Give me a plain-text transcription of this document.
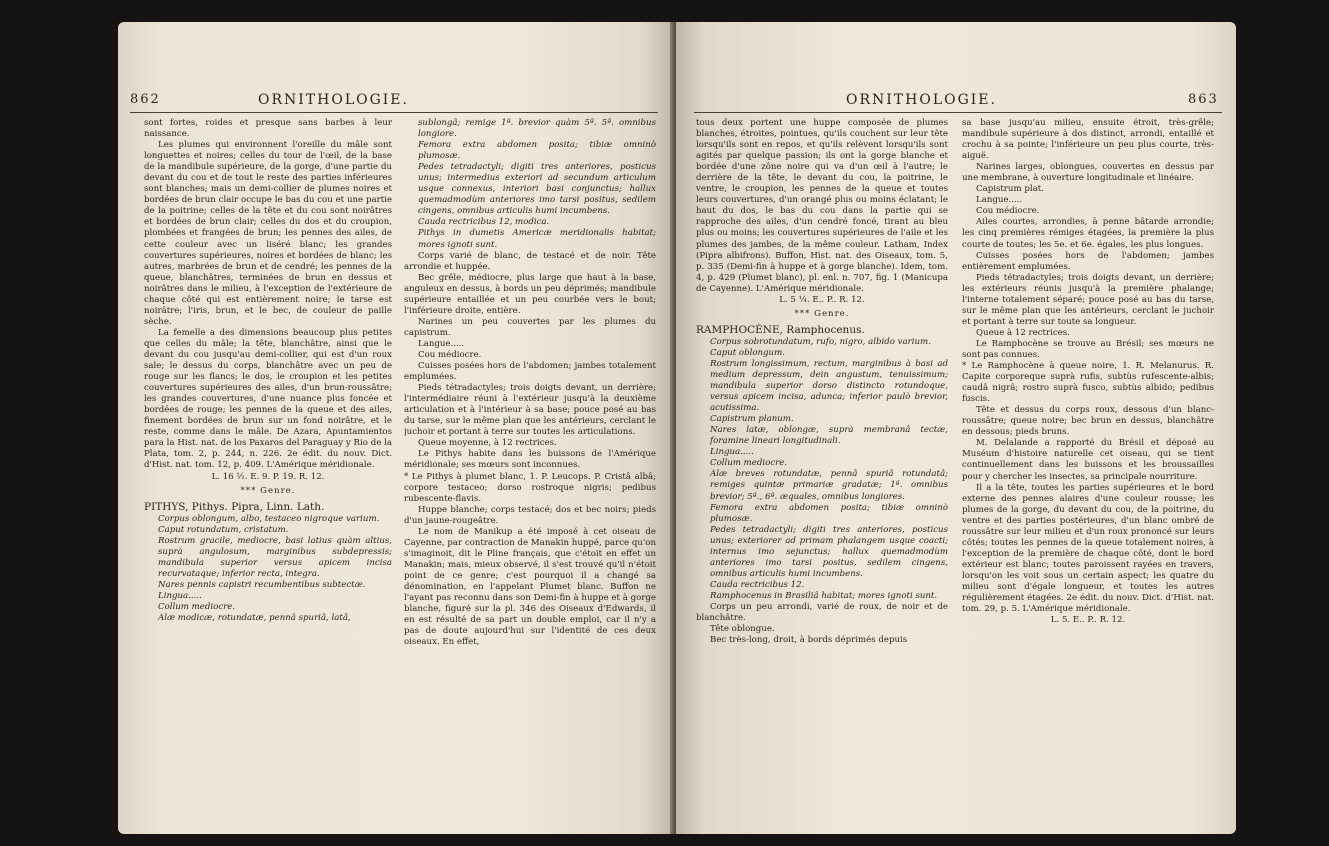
862	ORNITHOLOGIE.

sont fortes, roides et presque sans barbes à leur naissance.

Les plumes qui environnent l'oreille du mâle sont longuettes et noires; celles du tour de l'œil, de la base de la mandibule supérieure, de la gorge, d'une partie du devant du cou et de tout le reste des parties inférieures sont blanches; mais un demi-collier de plumes noires et bordées de brun clair occupe le bas du cou et une partie de la poitrine; celles de la tête et du cou sont noirâtres et bordées de brun clair; celles du dos et du croupion, plombées et frangées de brun; les pennes des ailes, de cette couleur avec un liséré blanc; les grandes couvertures supérieures, noires et bordées de blanc; les autres, marbrées de brun et de cendré; les pennes de la queue, blanchâtres, terminées de brun en dessus et noirâtres dans le milieu, à l'exception de l'extérieure de chaque côté qui est entièrement noire; le tarse est noirâtre; l'iris, brun, et le bec, de couleur de paille sèche.

La femelle a des dimensions beaucoup plus petites que celles du mâle; la tête, blanchâtre, ainsi que le devant du cou jusqu'au demi-collier, qui est d'un roux sale; le dessus du corps, blanchâtre avec un peu de rouge sur les flancs; le dos, le croupion et les petites couvertures supérieures des ailes, d'un brun-roussâtre; les grandes couvertures, d'une nuance plus foncée et bordées de rouge; les pennes de la queue et des ailes, finement bordées de brun sur un fond noirâtre, et le reste, comme dans le mâle. De Azara, Apuntamientos para la Hist. nat. de los Paxaros del Paraguay y Rio de la Plata, tom. 2, p. 244, n. 226. 2e édit. du nouv. Dict. d'Hist. nat. tom. 12, p. 409. L'Amérique méridionale.

L. 16 ½. E. 9. P. 19. R. 12.

*** Genre.

PITHYS, Pithys. Pipra, Linn. Lath.

Corpus oblongum, albo, testaceo nigroque varium.

Caput rotundatum, cristatum.

Rostrum gracile, mediocre, basi latius quàm altius, suprà angulosum, marginibus subdepressis; mandibula superior versus apicem incisa recurvataque; inferior recta, integra.

Nares pennis capistri recumbentibus subtectæ.

Lingua.....

Collum mediocre.

Alæ modicæ, rotundatæ, pennâ spuriâ, latâ,

sublongâ; remige 1ª. brevior quàm 5ª. 5ª. omnibus longiore.

Femora extra abdomen posita; tibiæ omninò plumosæ.

Pedes tetradactyli; digiti tres anteriores, posticus unus; intermedius exteriori ad secundum articulum usque connexus, interiori basi conjunctus; hallux quemadmodùm anteriores imo tarsi positus, sedilem cingens, omnibus articulis humi incumbens.

Cauda rectricibus 12, modica.

Pithys in dumetis Americæ meridionalis habitat; mores ignoti sunt.

Corps varié de blanc, de testacé et de noir. Tête arrondie et huppée.

Bec grêle, médiocre, plus large que haut à la base, anguleux en dessus, à bords un peu déprimés; mandibule supérieure entaillée et un peu courbée vers le bout; l'inférieure droite, entière.

Narines un peu couvertes par les plumes du capistrum.

Langue.....

Cou médiocre.

Cuisses posées hors de l'abdomen; jambes totalement emplumées.

Pieds tétradactyles; trois doigts devant, un derrière; l'intermédiaire réuni à l'extérieur jusqu'à la deuxième articulation et à l'intérieur à sa base; pouce posé au bas du tarse, sur le même plan que les antérieurs, cerclant le juchoir et portant à terre sur toutes les articulations.

Queue moyenne, à 12 rectrices.

Le Pithys habite dans les buissons de l'Amérique méridionale; ses mœurs sont inconnues.

* Le Pithys à plumet blanc, 1. P. Leucops. P. Cristâ albâ; corpore testaceo; dorso rostroque nigris; pedibus rubescente-flavis.

Huppe blanche; corps testacé; dos et bec noirs; pieds d'un jaune-rougeâtre.

Le nom de Manikup a été imposé à cet oiseau de Cayenne, par contraction de Manakin huppé, parce qu'on s'imaginoit, dit le Pline français, que c'étoit en effet un Manakin; mais, mieux observé, il s'est trouvé qu'il n'étoit point de ce genre; c'est pourquoi il a changé sa dénomination, en l'appelant Plumet blanc. Buffon ne l'ayant pas reconnu dans son Demi-fin à huppe et à gorge blanche, figuré sur la pl. 346 des Oiseaux d'Edwards, il en est résulté de sa part un double emploi, car il n'y a pas de doute aujourd'hui sur l'identité de ces deux oiseaux. En effet,

ORNITHOLOGIE.	863

tous deux portent une huppe composée de plumes blanches, étroites, pointues, qu'ils couchent sur leur tête lorsqu'ils sont en repos, et qu'ils relèvent lorsqu'ils sont agités par quelque passion; ils ont la gorge blanche et bordée d'une zône noire qui va d'un œil à l'autre; le derrière de la tête, le devant du cou, la poitrine, le ventre, le croupion, les pennes de la queue et toutes leurs couvertures, d'un orangé plus ou moins éclatant; le haut du dos, le bas du cou dans la partie qui se rapproche des ailes, d'un cendré foncé, tirant au bleu plus ou moins; les couvertures supérieures de l'aile et les plumes des jambes, de la même couleur. Latham, Index (Pipra albifrons). Buffon, Hist. nat. des Oiseaux, tom. 5, p. 335 (Demi-fin à huppe et à gorge blanche). Idem, tom. 4, p. 429 (Plumet blanc), pl. enl. n. 707, fig. 1 (Manicupa de Cayenne). L'Amérique méridionale.

L. 5 ¼. E.. P.. R. 12.

*** Genre.

RAMPHOCÈNE, Ramphocenus.

Corpus sobrotundatum, rufo, nigro, albido varium.

Caput oblongum.

Rostrum longissimum, rectum, marginibus à basi ad medium depressum, dein angustum, tenuissimum; mandibula superior dorso distincto rotundoque, versus apicem incisa, adunca; inferior paulò brevior, acutissima.

Capistrum planum.

Nares latæ, oblongæ, suprà membranâ tectæ, foramine lineari longitudinali.

Lingua.....

Collum mediocre.

Alæ breves rotundatæ, pennâ spuriâ rotundatâ; remiges quintæ primariæ gradatæ; 1ª. omnibus brevior; 5ª., 6ª. æquales, omnibus longiores.

Femora extra abdomen posita; tibiæ omninò plumosæ.

Pedes tetradactyli; digiti tres anteriores, posticus unus; exteriorer ad primam phalangem usque coacti; internus imo sejunctus; hallux quemadmodùm anteriores imo tarsi positus, sedilem cingens, omnibus articulis humi incumbens.

Cauda rectricibus 12.

Ramphocenus in Brasiliâ habitat; mores ignoti sunt.

Corps un peu arrondi, varié de roux, de noir et de blanchâtre.

Tête oblongue.

Bec très-long, droit, à bords déprimés depuis

sa base jusqu'au milieu, ensuite étroit, très-grêle; mandibule supérieure à dos distinct, arrondi, entaillé et crochu à sa pointe; l'inférieure un peu plus courte, très-aiguë.

Narines larges, oblongues, couvertes en dessus par une membrane, à ouverture longitudinale et linéaire.

Capistrum plat.

Langue.....

Cou médiocre.

Ailes courtes, arrondies, à penne bâtarde arrondie; les cinq premières rémiges étagées, la première la plus courte de toutes; les 5e. et 6e. égales, les plus longues.

Cuisses posées hors de l'abdomen; jambes entièrement emplumées.

Pieds tétradactyles; trois doigts devant, un derrière; les extérieurs réunis jusqu'à la première phalange; l'interne totalement séparé; pouce posé au bas du tarse, sur le même plan que les antérieurs, cerclant le juchoir et portant à terre sur toute sa longueur.

Queue à 12 rectrices.

Le Ramphocène se trouve au Brésil; ses mœurs ne sont pas connues.

* Le Ramphocène à queue noire, 1. R. Melanurus. R. Capite corporeque suprà rufis, subtùs rufescente-albis; caudâ nigrâ; rostro suprà fusco, subtùs albido; pedibus fuscis.

Tête et dessus du corps roux, dessous d'un blanc-roussâtre; queue noire; bec brun en dessus, blanchâtre en dessous; pieds bruns.

M. Delalande a rapporté du Brésil et déposé au Muséum d'histoire naturelle cet oiseau, qui se tient continuellement dans les buissons et les broussailles pour y chercher les insectes, sa principale nourriture.

Il a la tête, toutes les parties supérieures et le bord externe des pennes alaires d'une couleur rousse; les plumes de la gorge, du devant du cou, de la poitrine, du ventre et des parties postérieures, d'un blanc ombré de roussâtre sur leur milieu et d'un roux prononcé sur leurs côtés; toutes les pennes de la queue totalement noires, à l'exception de la première de chaque côté, dont le bord extérieur est blanc; toutes paroissent rayées en travers, lorsqu'on les voit sous un certain aspect; les quatre du milieu sont d'égale longueur, et toutes les autres régulièrement étagées. 2e édit. du nouv. Dict. d'Hist. nat. tom. 29, p. 5. L'Amérique méridionale.

L. 5. E.. P.. R. 12.
